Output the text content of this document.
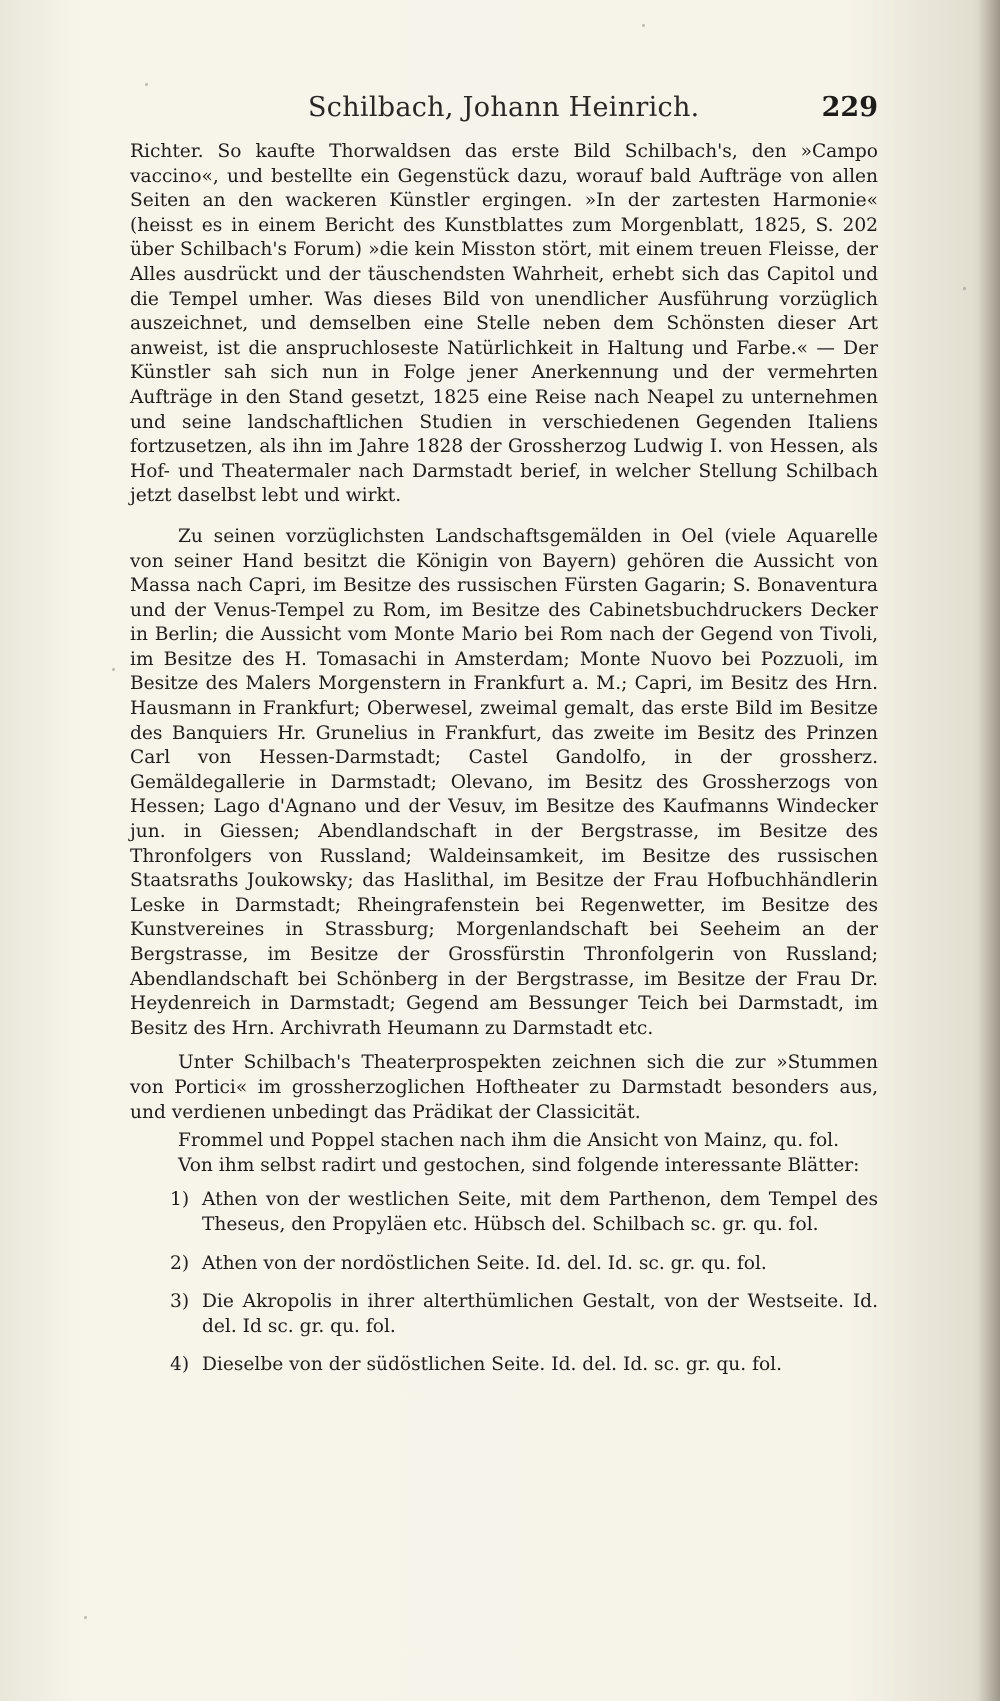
Schilbach, Johann Heinrich.	229

Richter. So kaufte Thorwaldsen das erste Bild Schilbach's, den »Campo vaccino«, und bestellte ein Gegenstück dazu, worauf bald Aufträge von allen Seiten an den wackeren Künstler ergingen. »In der zartesten Harmonie« (heisst es in einem Bericht des Kunstblattes zum Morgenblatt, 1825, S. 202 über Schilbach's Forum) »die kein Misston stört, mit einem treuen Fleisse, der Alles ausdrückt und der täuschendsten Wahrheit, erhebt sich das Capitol und die Tempel umher. Was dieses Bild von unendlicher Ausführung vorzüglich auszeichnet, und demselben eine Stelle neben dem Schönsten dieser Art anweist, ist die anspruchloseste Natürlichkeit in Haltung und Farbe.« — Der Künstler sah sich nun in Folge jener Anerkennung und der vermehrten Aufträge in den Stand gesetzt, 1825 eine Reise nach Neapel zu unternehmen und seine landschaftlichen Studien in verschiedenen Gegenden Italiens fortzusetzen, als ihn im Jahre 1828 der Grossherzog Ludwig I. von Hessen, als Hof- und Theatermaler nach Darmstadt berief, in welcher Stellung Schilbach jetzt daselbst lebt und wirkt.

Zu seinen vorzüglichsten Landschaftsgemälden in Oel (viele Aquarelle von seiner Hand besitzt die Königin von Bayern) gehören die Aussicht von Massa nach Capri, im Besitze des russischen Fürsten Gagarin; S. Bonaventura und der Venus-Tempel zu Rom, im Besitze des Cabinetsbuchdruckers Decker in Berlin; die Aussicht vom Monte Mario bei Rom nach der Gegend von Tivoli, im Besitze des H. Tomasachi in Amsterdam; Monte Nuovo bei Pozzuoli, im Besitze des Malers Morgenstern in Frankfurt a. M.; Capri, im Besitz des Hrn. Hausmann in Frankfurt; Oberwesel, zweimal gemalt, das erste Bild im Besitze des Banquiers Hr. Grunelius in Frankfurt, das zweite im Besitz des Prinzen Carl von Hessen-Darmstadt; Castel Gandolfo, in der grossherz. Gemäldegallerie in Darmstadt; Olevano, im Besitz des Grossherzogs von Hessen; Lago d'Agnano und der Vesuv, im Besitze des Kaufmanns Windecker jun. in Giessen; Abendlandschaft in der Bergstrasse, im Besitze des Thronfolgers von Russland; Waldeinsamkeit, im Besitze des russischen Staatsraths Joukowsky; das Haslithal, im Besitze der Frau Hofbuchhändlerin Leske in Darmstadt; Rheingrafenstein bei Regenwetter, im Besitze des Kunstvereines in Strassburg; Morgenlandschaft bei Seeheim an der Bergstrasse, im Besitze der Grossfürstin Thronfolgerin von Russland; Abendlandschaft bei Schönberg in der Bergstrasse, im Besitze der Frau Dr. Heydenreich in Darmstadt; Gegend am Bessunger Teich bei Darmstadt, im Besitz des Hrn. Archivrath Heumann zu Darmstadt etc.

Unter Schilbach's Theaterprospekten zeichnen sich die zur »Stummen von Portici« im grossherzoglichen Hoftheater zu Darmstadt besonders aus, und verdienen unbedingt das Prädikat der Classicität.

Frommel und Poppel stachen nach ihm die Ansicht von Mainz, qu. fol.

Von ihm selbst radirt und gestochen, sind folgende interessante Blätter:

1) Athen von der westlichen Seite, mit dem Parthenon, dem Tempel des Theseus, den Propyläen etc. Hübsch del. Schilbach sc. gr. qu. fol.
2) Athen von der nordöstlichen Seite. Id. del. Id. sc. gr. qu. fol.
3) Die Akropolis in ihrer alterthümlichen Gestalt, von der Westseite. Id. del. Id sc. gr. qu. fol.
4) Dieselbe von der südöstlichen Seite. Id. del. Id. sc. gr. qu. fol.
